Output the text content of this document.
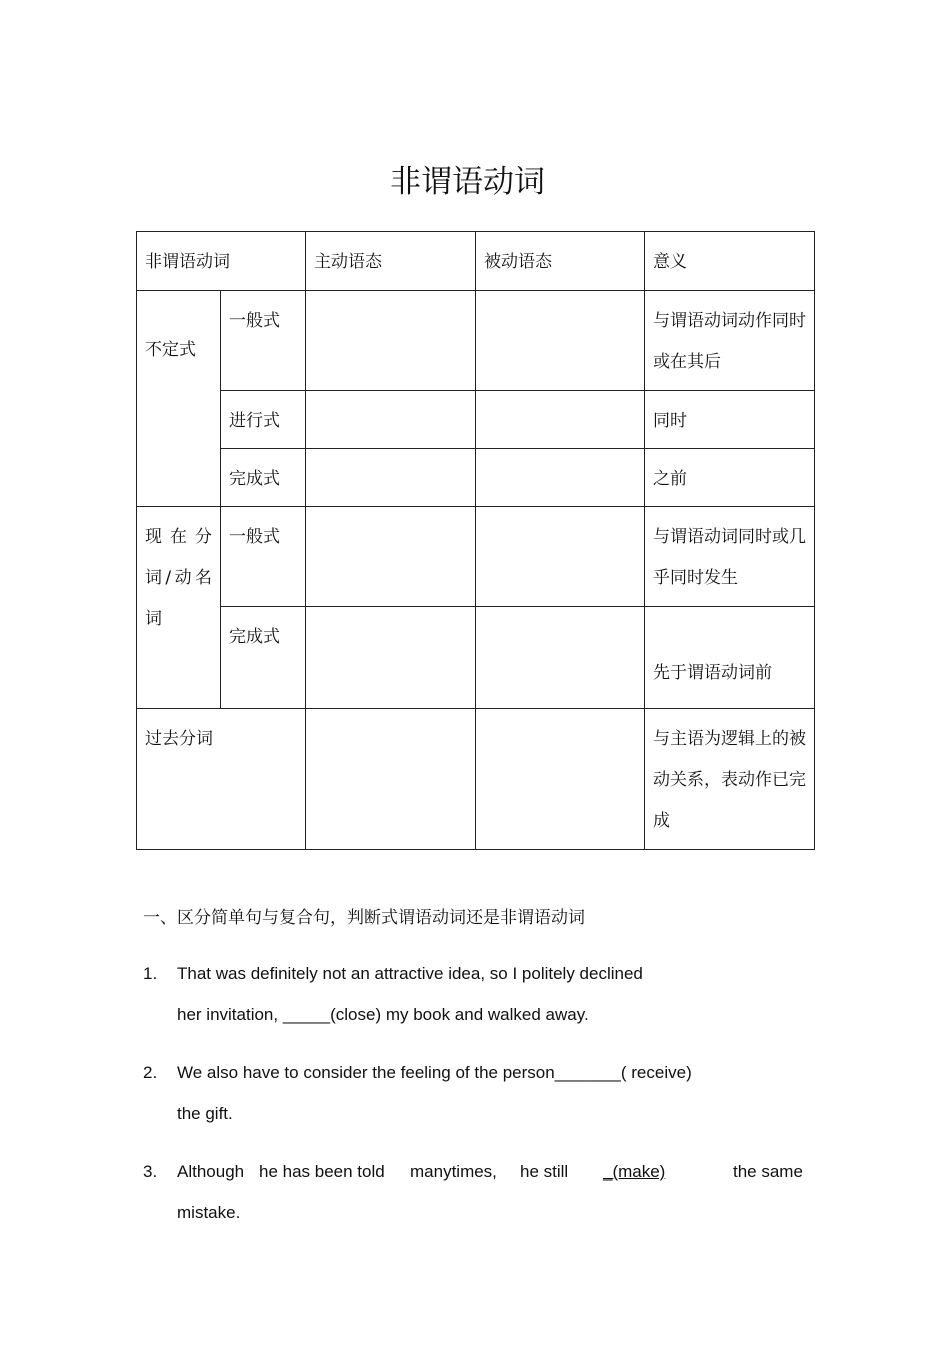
非谓语动词
非谓语动词		主动语态	被动语态	意义
不定式	一般式			与谓语动词动作同时或在其后
	进行式			同时
	完成式			之前
现在分词/动名词	一般式			与谓语动词同时或几乎同时发生
	完成式			先于谓语动词前
过去分词				与主语为逻辑上的被动关系，表动作已完成
一、区分简单句与复合句，判断式谓语动词还是非谓语动词
1. That was definitely not an attractive idea, so I politely declined
her invitation, _____(close) my book and walked away.
2. We also have to consider the feeling of the person_______( receive)
the gift.
3. Although he has been told manytimes, he still _(make)	the same
mistake.
